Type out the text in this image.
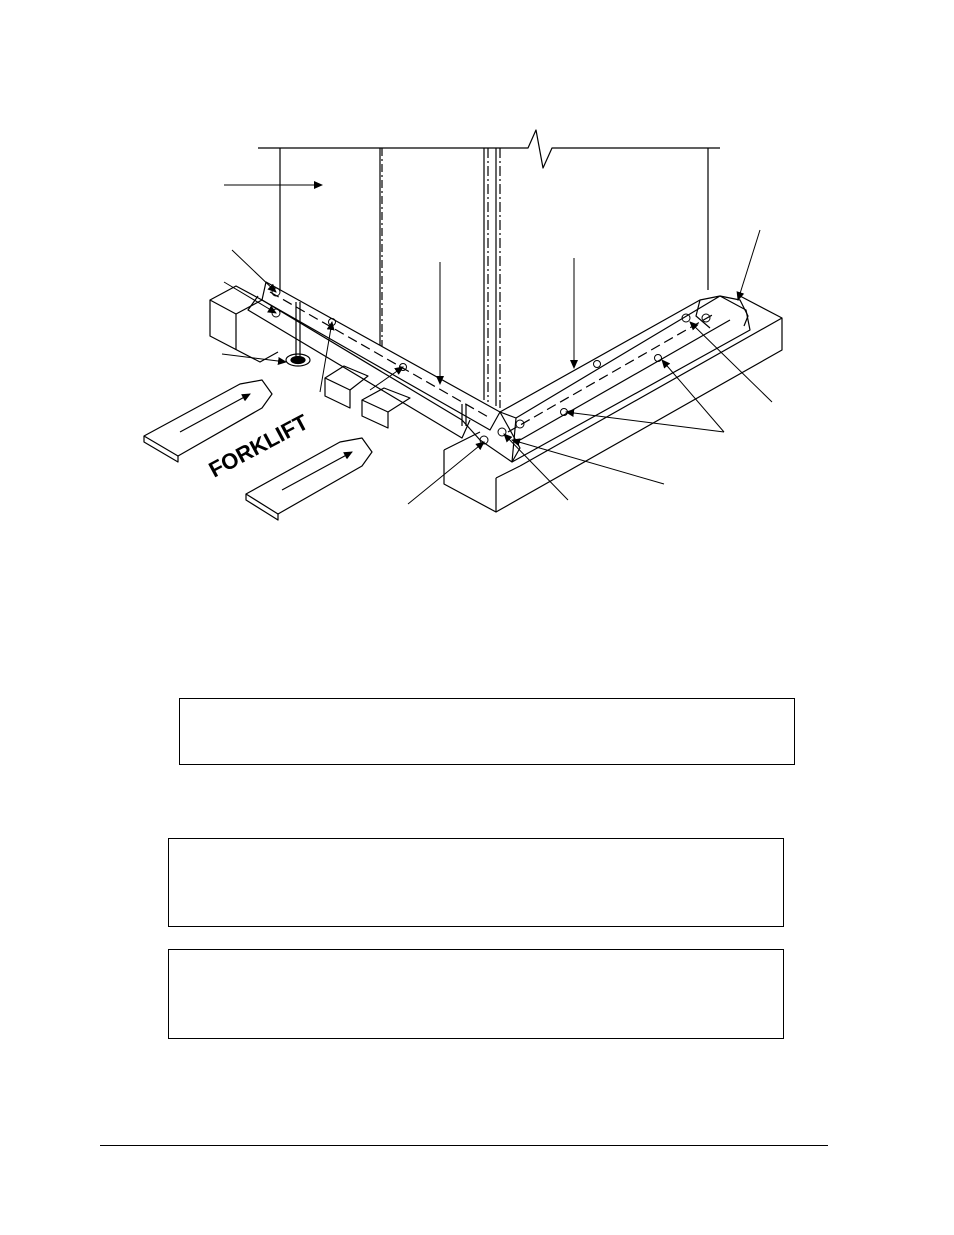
FORKLIFT
